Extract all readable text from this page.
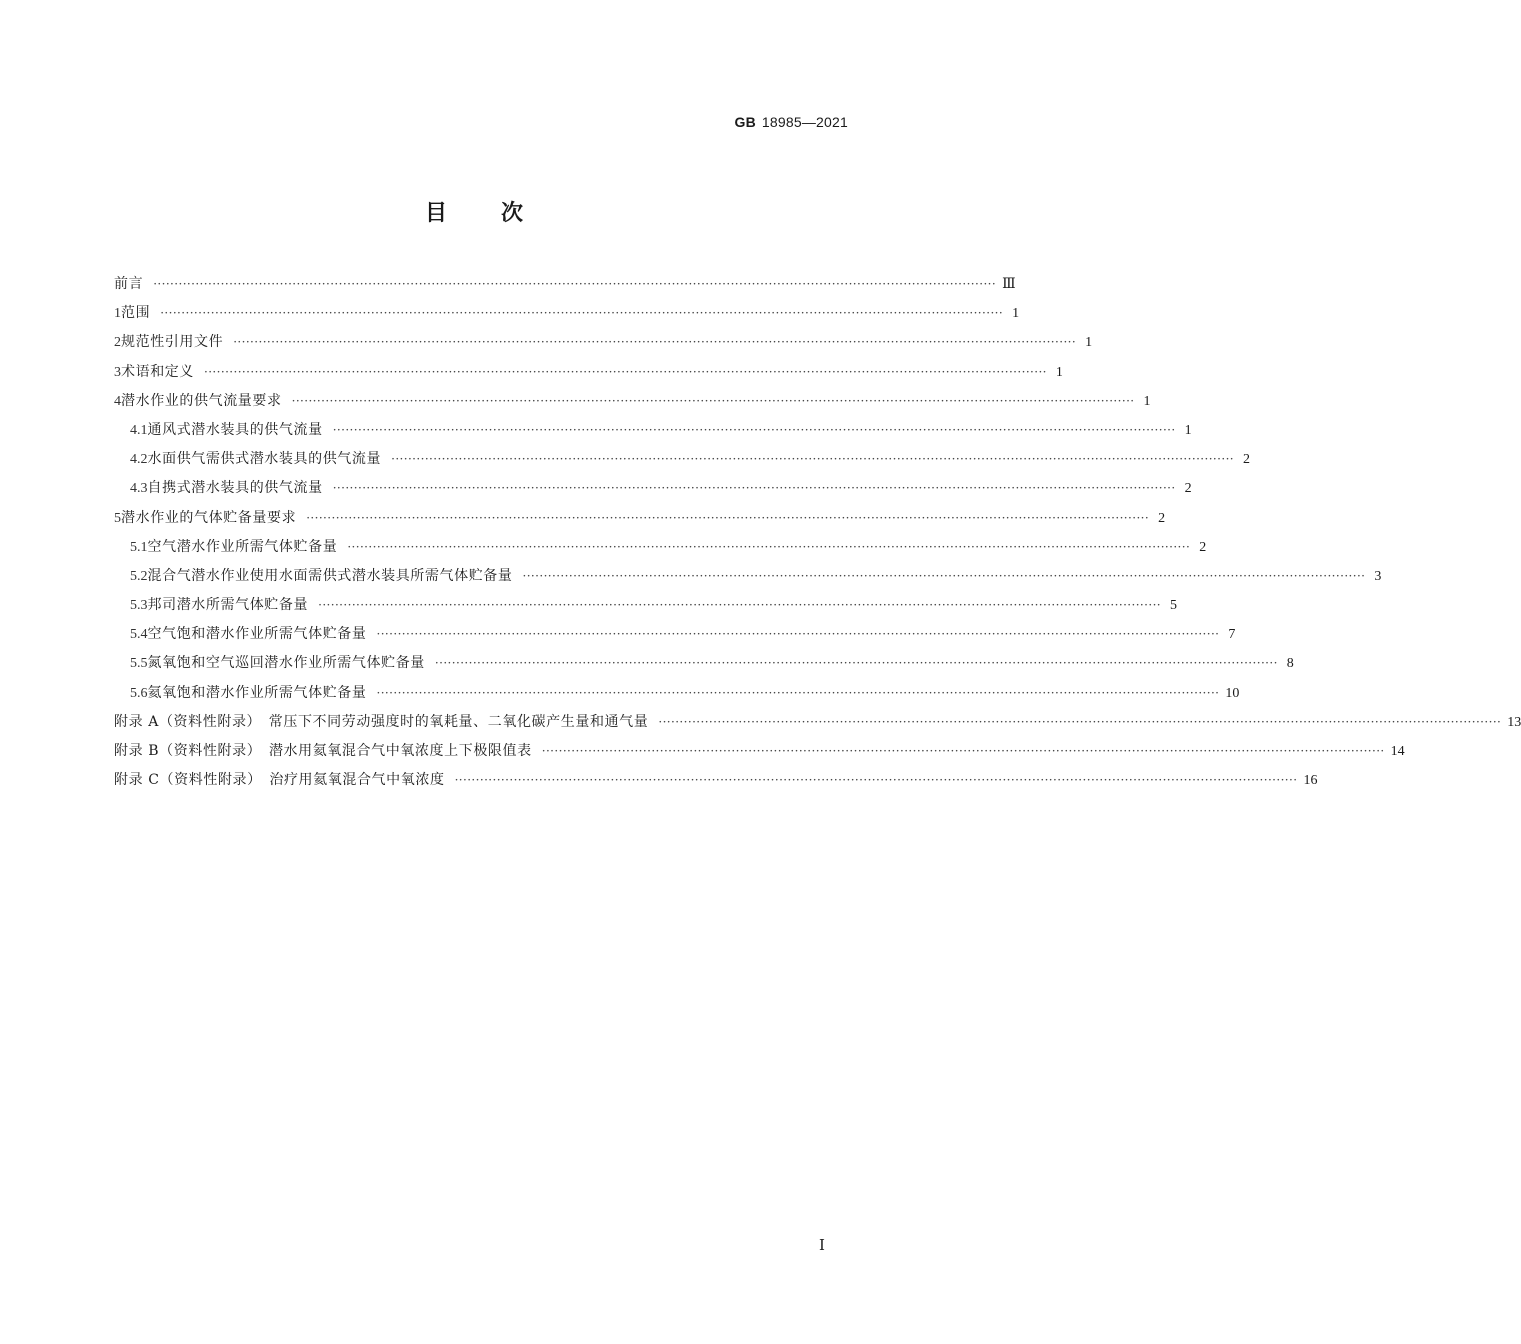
GB 18985—2021
目 次
前言 ········································································································································································································ Ⅲ
1 范围 ········································································································································································································ 1
2 规范性引用文件 ········································································································································································································ 1
3 术语和定义 ········································································································································································································ 1
4 潜水作业的供气流量要求 ········································································································································································································ 1
4.1 通风式潜水装具的供气流量 ········································································································································································································ 1
4.2 水面供气需供式潜水装具的供气流量 ········································································································································································································ 2
4.3 自携式潜水装具的供气流量 ········································································································································································································ 2
5 潜水作业的气体贮备量要求 ········································································································································································································ 2
5.1 空气潜水作业所需气体贮备量 ········································································································································································································ 2
5.2 混合气潜水作业使用水面需供式潜水装具所需气体贮备量 ········································································································································································································ 3
5.3 邦司潜水所需气体贮备量 ········································································································································································································ 5
5.4 空气饱和潜水作业所需气体贮备量 ········································································································································································································ 7
5.5 氮氧饱和空气巡回潜水作业所需气体贮备量 ········································································································································································································ 8
5.6 氦氧饱和潜水作业所需气体贮备量 ········································································································································································································ 10
附录 A（资料性附录）　常压下不同劳动强度时的氧耗量、二氧化碳产生量和通气量 ········································································································································································································ 13
附录 B（资料性附录）　潜水用氦氧混合气中氧浓度上下极限值表 ········································································································································································································ 14
附录 C（资料性附录）　治疗用氦氧混合气中氧浓度 ········································································································································································································ 16
Ⅰ
